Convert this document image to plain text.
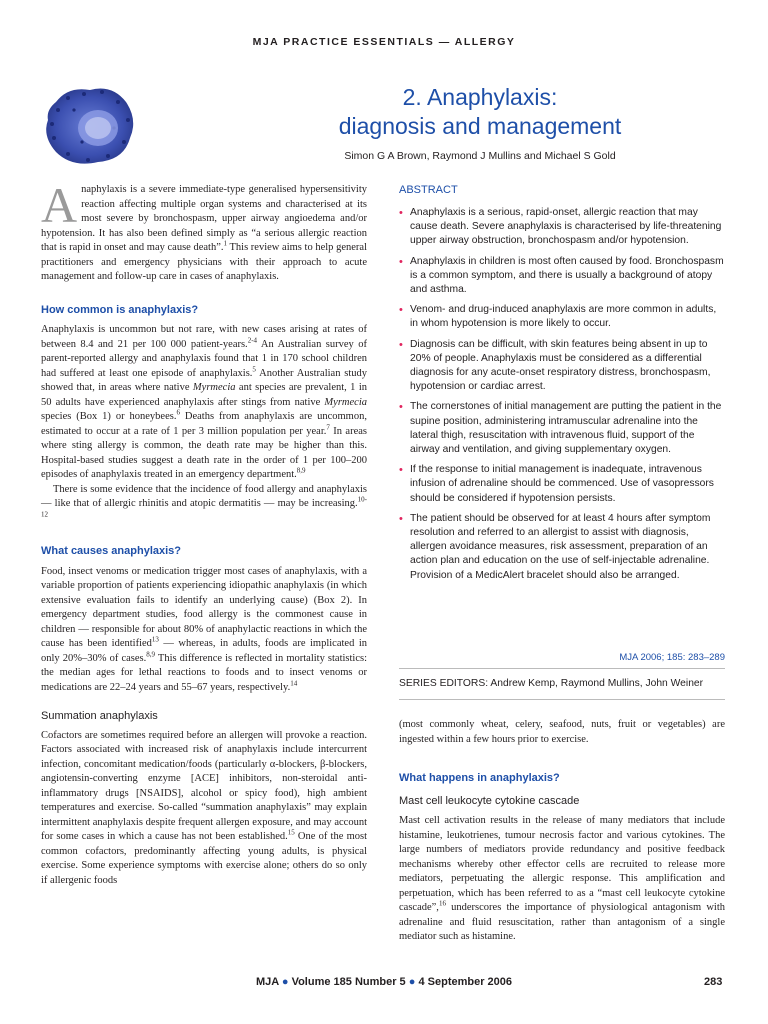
MJA PRACTICE ESSENTIALS — ALLERGY
2. Anaphylaxis:
diagnosis and management
Simon G A Brown, Raymond J Mullins and Michael S Gold

Anaphylaxis is a severe immediate-type generalised hypersensitivity reaction affecting multiple organ systems and characterised at its most severe by bronchospasm, upper airway angioedema and/or hypotension. It has also been defined simply as “a serious allergic reaction that is rapid in onset and may cause death”.$^1$ This review aims to help general practitioners and emergency physicians with their approach to acute management and follow-up care in cases of anaphylaxis.

How common is anaphylaxis?

Anaphylaxis is uncommon but not rare, with new cases arising at rates of between 8.4 and 21 per 100 000 patient-years.$^{2-4}$ An Australian survey of parent-reported allergy and anaphylaxis found that 1 in 170 school children had suffered at least one episode of anaphylaxis.$^5$ Another Australian study showed that, in areas where native Myrmecia ant species are prevalent, 1 in 50 adults have experienced anaphylaxis after stings from native Myrmecia species (Box 1) or honeybees.$^6$ Deaths from anaphylaxis are uncommon, estimated to occur at a rate of 1 per 3 million population per year.$^7$ In areas where sting allergy is common, the death rate may be higher than this. Hospital-based studies suggest a death rate in the order of 1 per 100–200 episodes of anaphylaxis treated in an emergency department.$^{8,9}$

There is some evidence that the incidence of food allergy and anaphylaxis — like that of allergic rhinitis and atopic dermatitis — may be increasing.$^{10-12}$

What causes anaphylaxis?

Food, insect venoms or medication trigger most cases of anaphylaxis, with a variable proportion of patients experiencing idiopathic anaphylaxis (in which extensive evaluation fails to identify an underlying cause) (Box 2). In emergency department studies, food allergy is the commonest cause in children — responsible for about 80% of anaphylactic reactions in which the cause has been identified$^{13}$ — whereas, in adults, foods are implicated in only 20%–30% of cases.$^{8,9}$ This difference is reflected in mortality statistics: the median ages for lethal reactions to foods and to insect venoms or medications are 22–24 years and 55–67 years, respectively.$^{14}$

Summation anaphylaxis

Cofactors are sometimes required before an allergen will provoke a reaction. Factors associated with increased risk of anaphylaxis include intercurrent infection, concomitant medication/foods (particularly α-blockers, β-blockers, angiotensin-converting enzyme [ACE] inhibitors, non-steroidal anti-inflammatory drugs [NSAIDS], alcohol or spicy food), high ambient temperatures and exercise. So-called “summation anaphylaxis” may explain intermittent anaphylaxis despite frequent allergen exposure, and may account for some cases in which a cause has not been established.$^{15}$ One of the most common cofactors, predominantly affecting young adults, is physical exercise. Some experience symptoms with exercise alone; others do so only if allergenic foods

ABSTRACT
• Anaphylaxis is a serious, rapid-onset, allergic reaction that may cause death. Severe anaphylaxis is characterised by life-threatening upper airway obstruction, bronchospasm and/or hypotension.
• Anaphylaxis in children is most often caused by food. Bronchospasm is a common symptom, and there is usually a background of atopy and asthma.
• Venom- and drug-induced anaphylaxis are more common in adults, in whom hypotension is more likely to occur.
• Diagnosis can be difficult, with skin features being absent in up to 20% of people. Anaphylaxis must be considered as a differential diagnosis for any acute-onset respiratory distress, bronchospasm, hypotension or cardiac arrest.
• The cornerstones of initial management are putting the patient in the supine position, administering intramuscular adrenaline into the lateral thigh, resuscitation with intravenous fluid, support of the airway and ventilation, and giving supplementary oxygen.
• If the response to initial management is inadequate, intravenous infusion of adrenaline should be commenced. Use of vasopressors should be considered if hypotension persists.
• The patient should be observed for at least 4 hours after symptom resolution and referred to an allergist to assist with diagnosis, allergen avoidance measures, risk assessment, preparation of an action plan and education on the use of self-injectable adrenaline. Provision of a MedicAlert bracelet should also be arranged.
MJA 2006; 185: 283–289
SERIES EDITORS: Andrew Kemp, Raymond Mullins, John Weiner

(most commonly wheat, celery, seafood, nuts, fruit or vegetables) are ingested within a few hours prior to exercise.

What happens in anaphylaxis?
Mast cell leukocyte cytokine cascade

Mast cell activation results in the release of many mediators that include histamine, leukotrienes, tumour necrosis factor and various cytokines. The large numbers of mediators provide redundancy and positive feedback mechanisms whereby other effector cells are recruited to release more mediators, perpetuating the allergic response. This amplification and perpetuation, which has been referred to as a “mast cell leukocyte cytokine cascade”,$^{16}$ underscores the importance of physiological antagonism with adrenaline and fluid resuscitation, rather than antagonism of a single mediator such as histamine.

MJA ● Volume 185 Number 5 ● 4 September 2006	283
